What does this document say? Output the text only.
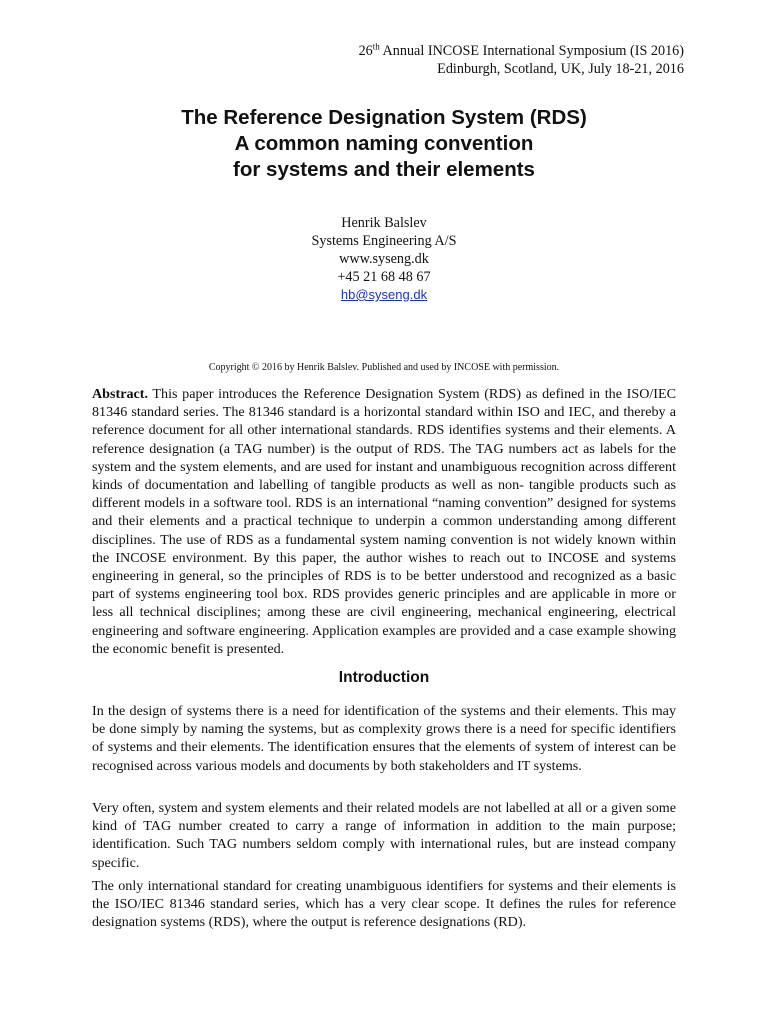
26th Annual INCOSE International Symposium (IS 2016)
Edinburgh, Scotland, UK, July 18-21, 2016
The Reference Designation System (RDS)
A common naming convention
for systems and their elements
Henrik Balslev
Systems Engineering A/S
www.syseng.dk
+45 21 68 48 67
hb@syseng.dk
Copyright © 2016 by Henrik Balslev. Published and used by INCOSE with permission.
Abstract. This paper introduces the Reference Designation System (RDS) as defined in the ISO/IEC 81346 standard series. The 81346 standard is a horizontal standard within ISO and IEC, and thereby a reference document for all other international standards. RDS identifies systems and their elements. A reference designation (a TAG number) is the output of RDS. The TAG numbers act as labels for the system and the system elements, and are used for instant and unambiguous recognition across different kinds of documentation and labelling of tangible products as well as non- tangible products such as different models in a software tool. RDS is an international “naming convention” designed for systems and their elements and a practical technique to underpin a common understanding among different disciplines. The use of RDS as a fundamental system naming convention is not widely known within the INCOSE environment. By this paper, the author wishes to reach out to INCOSE and systems engineering in general, so the principles of RDS is to be better understood and recognized as a basic part of systems engineering tool box. RDS provides generic principles and are applicable in more or less all technical disciplines; among these are civil engineering, mechanical engineering, electrical engineering and software engineering. Application examples are provided and a case example showing the economic benefit is presented.
Introduction
In the design of systems there is a need for identification of the systems and their elements. This may be done simply by naming the systems, but as complexity grows there is a need for specific identifiers of systems and their elements. The identification ensures that the elements of system of interest can be recognised across various models and documents by both stakeholders and IT systems.
Very often, system and system elements and their related models are not labelled at all or a given some kind of TAG number created to carry a range of information in addition to the main purpose; identification. Such TAG numbers seldom comply with international rules, but are instead company specific.
The only international standard for creating unambiguous identifiers for systems and their elements is the ISO/IEC 81346 standard series, which has a very clear scope. It defines the rules for reference designation systems (RDS), where the output is reference designations (RD).
